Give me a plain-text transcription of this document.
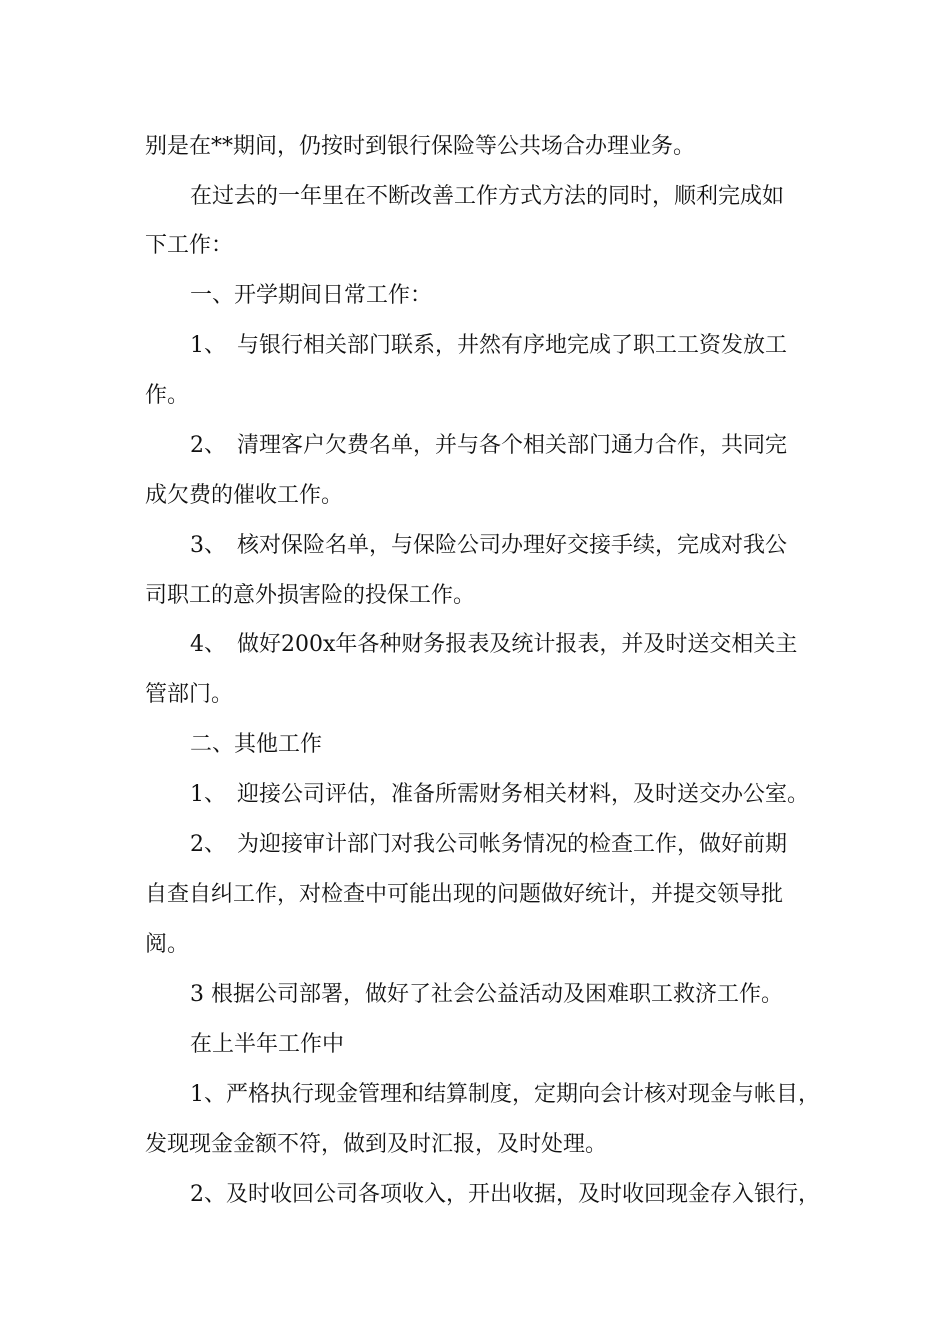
别是在**期间，仍按时到银行保险等公共场合办理业务。
在过去的一年里在不断改善工作方式方法的同时，顺利完成如
下工作：
一、开学期间日常工作：
1、　与银行相关部门联系，井然有序地完成了职工工资发放工
作。
2、　清理客户欠费名单，并与各个相关部门通力合作，共同完
成欠费的催收工作。
3、　核对保险名单，与保险公司办理好交接手续，完成对我公
司职工的意外损害险的投保工作。
4、　做好200x年各种财务报表及统计报表，并及时送交相关主
管部门。
二、其他工作
1、　迎接公司评估，准备所需财务相关材料，及时送交办公室。
2、　为迎接审计部门对我公司帐务情况的检查工作，做好前期
自查自纠工作，对检查中可能出现的问题做好统计，并提交领导批
阅。
3 根据公司部署，做好了社会公益活动及困难职工救济工作。
在上半年工作中
1、严格执行现金管理和结算制度，定期向会计核对现金与帐目，
发现现金金额不符，做到及时汇报，及时处理。
2、及时收回公司各项收入，开出收据，及时收回现金存入银行，
